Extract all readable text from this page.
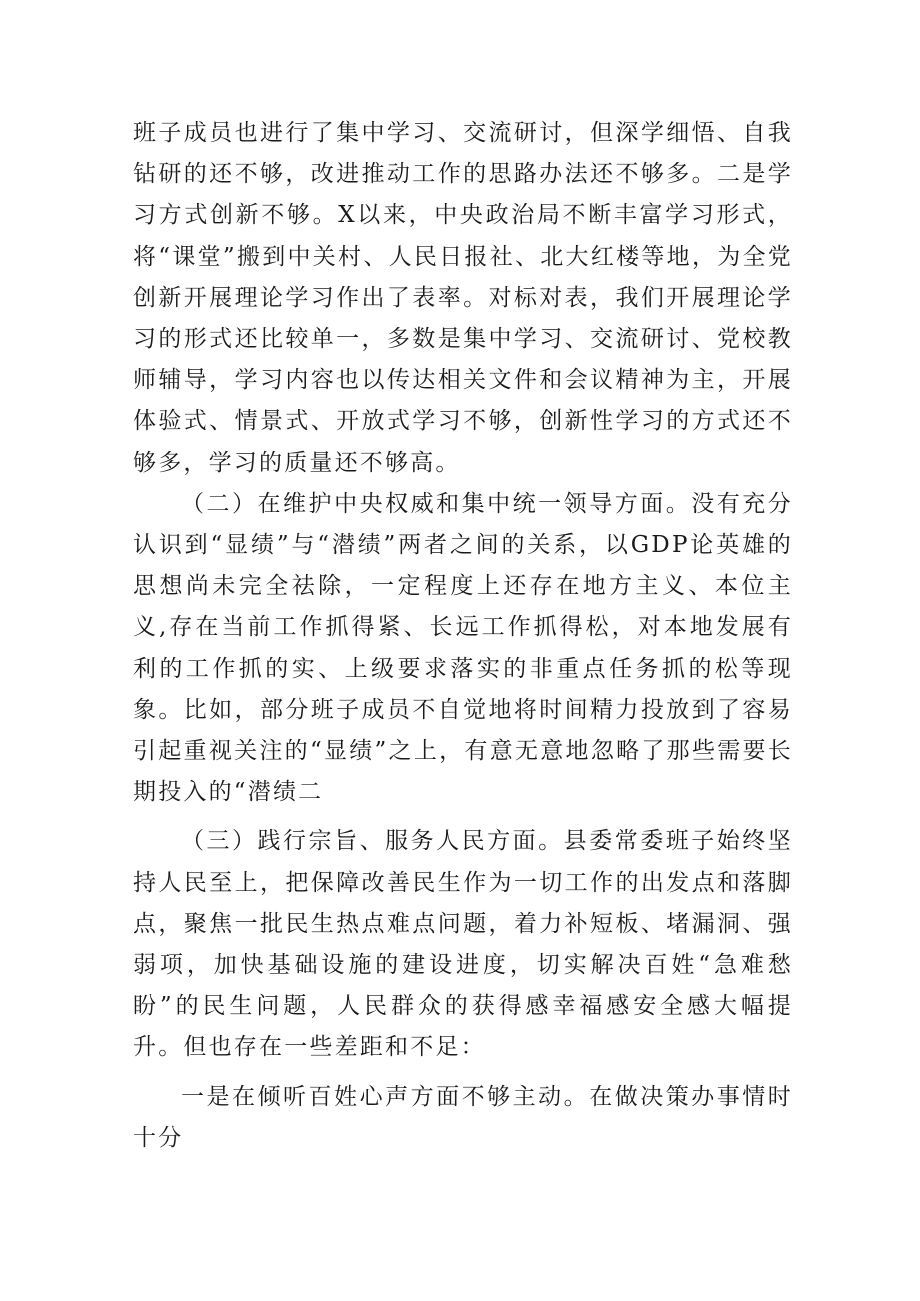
班子成员也进行了集中学习、交流研讨，但深学细悟、自我钻研的还不够，改进推动工作的思路办法还不够多。二是学习方式创新不够。X以来，中央政治局不断丰富学习形式，将“课堂”搬到中关村、人民日报社、北大红楼等地，为全党创新开展理论学习作出了表率。对标对表，我们开展理论学习的形式还比较单一，多数是集中学习、交流研讨、党校教师辅导，学习内容也以传达相关文件和会议精神为主，开展体验式、情景式、开放式学习不够，创新性学习的方式还不够多，学习的质量还不够高。

（二）在维护中央权威和集中统一领导方面。没有充分认识到“显绩”与“潜绩”两者之间的关系，以GDP论英雄的思想尚未完全祛除，一定程度上还存在地方主义、本位主义,存在当前工作抓得紧、长远工作抓得松，对本地发展有利的工作抓的实、上级要求落实的非重点任务抓的松等现象。比如，部分班子成员不自觉地将时间精力投放到了容易引起重视关注的“显绩”之上，有意无意地忽略了那些需要长期投入的“潜绩二

（三）践行宗旨、服务人民方面。县委常委班子始终坚持人民至上，把保障改善民生作为一切工作的出发点和落脚点，聚焦一批民生热点难点问题，着力补短板、堵漏洞、强弱项，加快基础设施的建设进度，切实解决百姓“急难愁盼”的民生问题，人民群众的获得感幸福感安全感大幅提升。但也存在一些差距和不足：

一是在倾听百姓心声方面不够主动。在做决策办事情时十分
